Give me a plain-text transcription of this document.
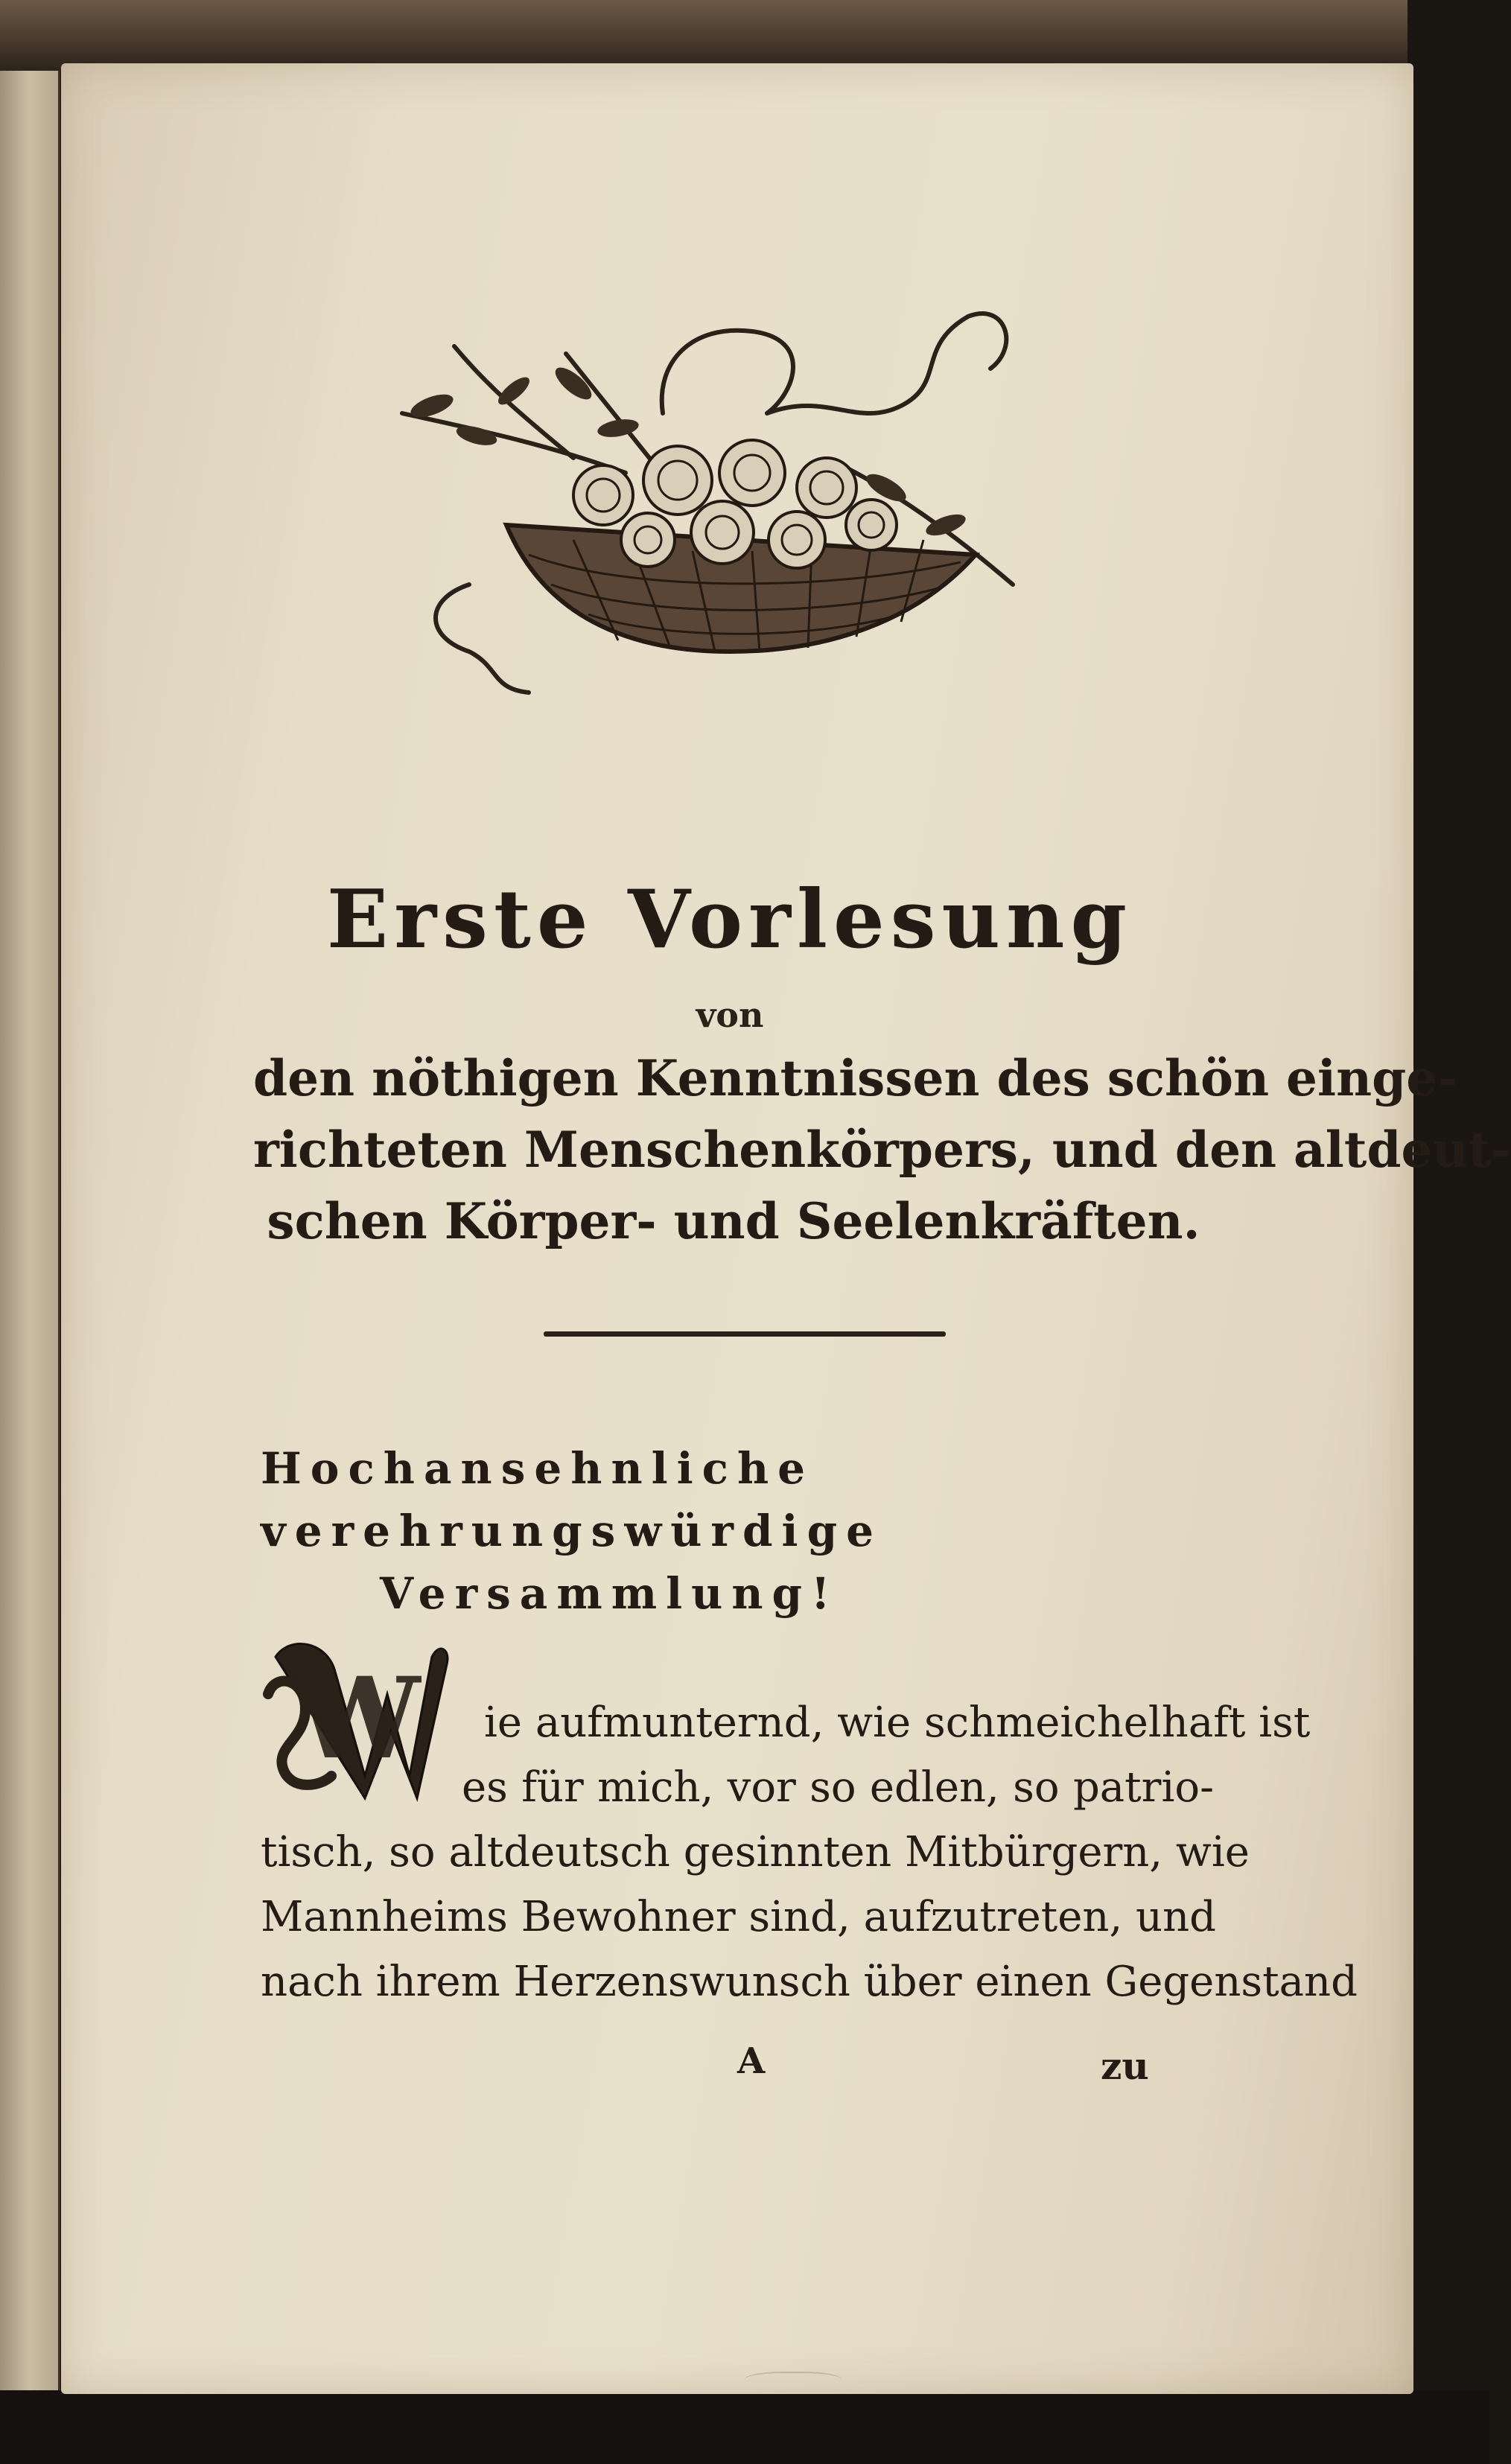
Erste Vorlesung
von
den nöthigen Kenntnissen des schön einge-
richteten Menschenkörpers, und den altdeut-
schen Körper- und Seelenkräften.
Hochansehnliche verehrungswürdige
Versammlung!
W	ie aufmunternd, wie schmeichelhaft ist
es für mich, vor so edlen, so patrio-
tisch, so altdeutsch gesinnten Mitbürgern, wie
Mannheims Bewohner sind, aufzutreten, und
nach ihrem Herzenswunsch über einen Gegenstand
A	zu
